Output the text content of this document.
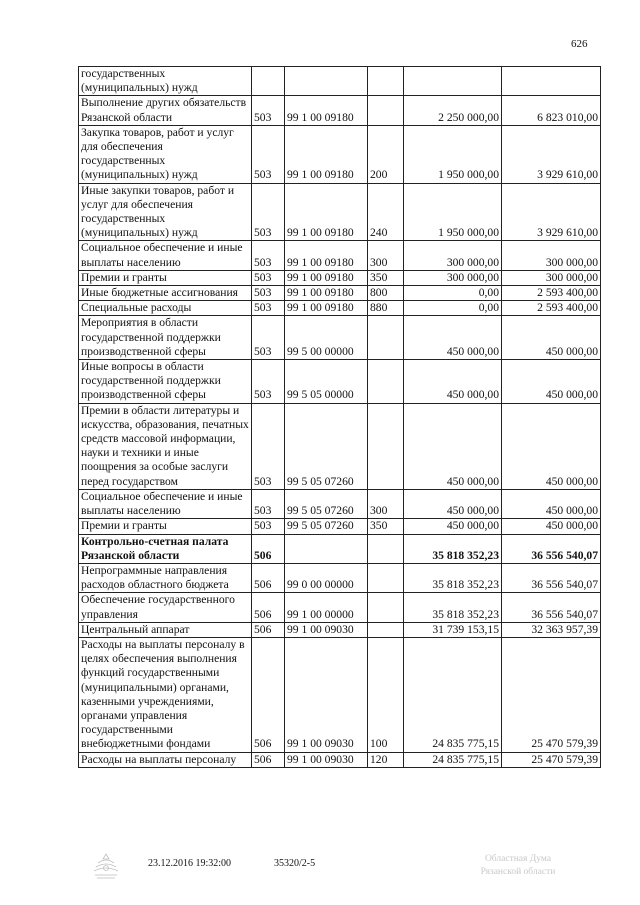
626
государственных (муниципальных) нужд					
Выполнение других обязательств Рязанской области	503	99 1 00 09180		2 250 000,00	6 823 010,00
Закупка товаров, работ и услуг для обеспечения государственных (муниципальных) нужд	503	99 1 00 09180	200	1 950 000,00	3 929 610,00
Иные закупки товаров, работ и услуг для обеспечения государственных (муниципальных) нужд	503	99 1 00 09180	240	1 950 000,00	3 929 610,00
Социальное обеспечение и иные выплаты населению	503	99 1 00 09180	300	300 000,00	300 000,00
Премии и гранты	503	99 1 00 09180	350	300 000,00	300 000,00
Иные бюджетные ассигнования	503	99 1 00 09180	800	0,00	2 593 400,00
Специальные расходы	503	99 1 00 09180	880	0,00	2 593 400,00
Мероприятия в области государственной поддержки производственной сферы	503	99 5 00 00000		450 000,00	450 000,00
Иные вопросы в области государственной поддержки производственной сферы	503	99 5 05 00000		450 000,00	450 000,00
Премии в области литературы и искусства, образования, печатных средств массовой информации, науки и техники и иные поощрения за особые заслуги перед государством	503	99 5 05 07260		450 000,00	450 000,00
Социальное обеспечение и иные выплаты населению	503	99 5 05 07260	300	450 000,00	450 000,00
Премии и гранты	503	99 5 05 07260	350	450 000,00	450 000,00
Контрольно-счетная палата Рязанской области	506			35 818 352,23	36 556 540,07
Непрограммные направления расходов областного бюджета	506	99 0 00 00000		35 818 352,23	36 556 540,07
Обеспечение государственного управления	506	99 1 00 00000		35 818 352,23	36 556 540,07
Центральный аппарат	506	99 1 00 09030		31 739 153,15	32 363 957,39
Расходы на выплаты персоналу в целях обеспечения выполнения функций государственными (муниципальными) органами, казенными учреждениями, органами управления государственными внебюджетными фондами	506	99 1 00 09030	100	24 835 775,15	25 470 579,39
Расходы на выплаты персоналу	506	99 1 00 09030	120	24 835 775,15	25 470 579,39
23.12.2016 19:32:00	35320/2-5	Областная Дума
Рязанской области
